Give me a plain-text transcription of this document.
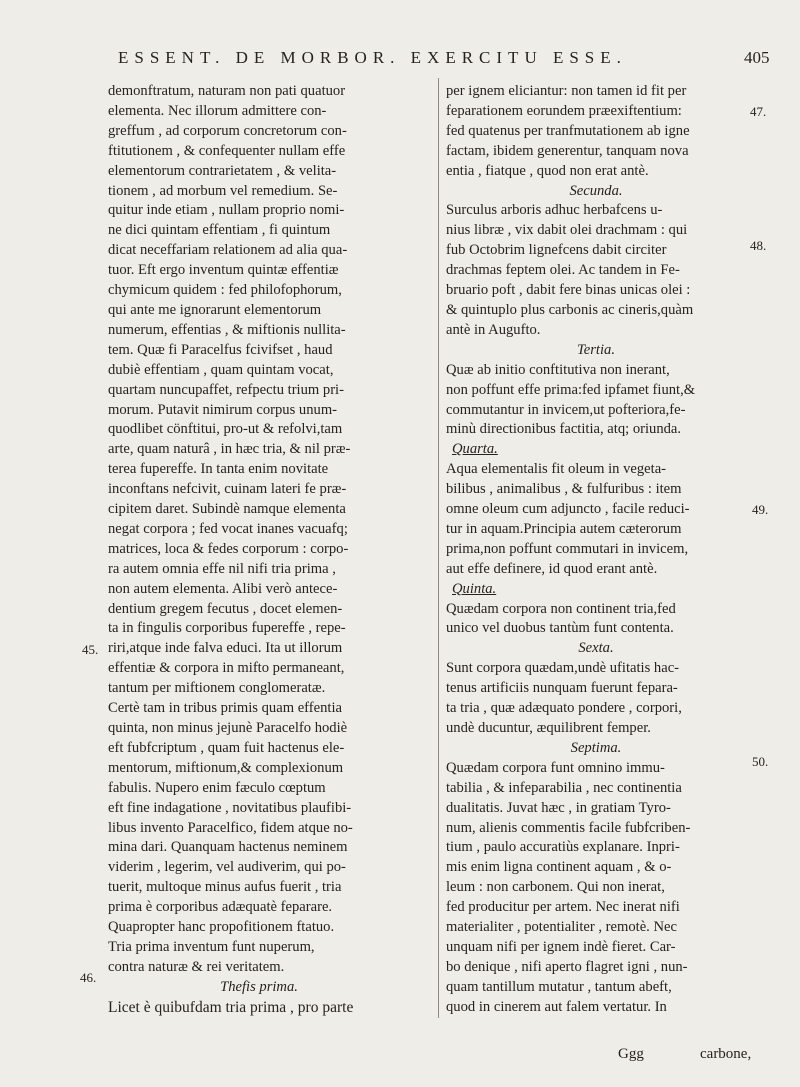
ESSENT. DE MORBOR. EXERCITU ESSE.	405
demonftratum, naturam non pati quatuor
elementa. Nec illorum admittere con-
greffum , ad corporum concretorum con-
ftitutionem , & confequenter nullam effe
elementorum contrarietatem , & velita-
tionem , ad morbum vel remedium. Se-
quitur inde etiam , nullam proprio nomi-
ne dici quintam effentiam , fi quintum
dicat neceffariam relationem ad alia qua-
tuor. Eft ergo inventum quintæ effentiæ
chymicum quidem : fed philofophorum,
qui ante me ignorarunt elementorum
numerum, effentias , & miftionis nullita-
tem. Quæ fi Paracelfus fcivifset , haud
dubiè effentiam , quam quintam vocat,
quartam nuncupaffet, refpectu trium pri-
morum. Putavit nimirum corpus unum-
quodlibet cönftitui, pro-ut & refolvi,tam
arte, quam naturâ , in hæc tria, & nil præ-
terea fupereffe. In tanta enim novitate
inconftans nefcivit, cuinam lateri fe præ-
cipitem daret. Subindè namque elementa
negat corpora ; fed vocat inanes vacuafq;
matrices, loca & fedes corporum : corpo-
ra autem omnia effe nil nifi tria prima ,
non autem elementa. Alibi verò antece-
dentium gregem fecutus , docet elemen-
ta in fingulis corporibus fupereffe , repe-
riri,atque inde falva educi. Ita ut illorum
effentiæ & corpora in mifto permaneant,
tantum per miftionem conglomeratæ.
Certè tam in tribus primis quam effentia
quinta, non minus jejunè Paracelfo hodiè
eft fubfcriptum , quam fuit hactenus ele-
mentorum, miftionum,& complexionum
fabulis. Nupero enim fæculo cœptum
eft fine indagatione , novitatibus plaufibi-
libus invento Paracelfico, fidem atque no-
mina dari. Quanquam hactenus neminem
viderim , legerim, vel audiverim, qui po-
tuerit, multoque minus aufus fuerit , tria
prima è corporibus adæquatè feparare.
Quapropter hanc propofitionem ftatuo.
Tria prima inventum funt nuperum,
contra naturæ & rei veritatem.
Thefis prima.
Licet è quibufdam tria prima , pro parte
per ignem eliciantur: non tamen id fit per
feparationem eorundem præexiftentium:
fed quatenus per tranfmutationem ab igne
factam, ibidem generentur, tanquam nova
entia , fiatque , quod non erat antè.
Secunda.
Surculus arboris adhuc herbafcens u-
nius libræ , vix dabit olei drachmam : qui
fub Octobrim lignefcens dabit circiter
drachmas feptem olei. Ac tandem in Fe-
bruario poft , dabit fere binas unicas olei :
& quintuplo plus carbonis ac cineris,quàm
antè in Augufto.
Tertia.
Quæ ab initio conftitutiva non inerant,
non poffunt effe prima:fed ipfamet fiunt,&
commutantur in invicem,ut pofteriora,fe-
minù directionibus factitia, atq; oriunda.
Quarta.
Aqua elementalis fit oleum in vegeta-
bilibus , animalibus , & fulfuribus : item
omne oleum cum adjuncto , facile reduci-
tur in aquam.Principia autem cæterorum
prima,non poffunt commutari in invicem,
aut effe definere, id quod erant antè.
Quinta.
Quædam corpora non continent tria,fed
unico vel duobus tantùm funt contenta.
Sexta.
Sunt corpora quædam,undè ufitatis hac-
tenus artificiis nunquam fuerunt fepara-
ta tria , quæ adæquato pondere , corpori,
undè ducuntur, æquilibrent femper.
Septima.
Quædam corpora funt omnino immu-
tabilia , & infeparabilia , nec continentia
dualitatis. Juvat hæc , in gratiam Tyro-
num, alienis commentis facile fubfcriben-
tium , paulo accuratiùs explanare. Inpri-
mis enim ligna continent aquam , & o-
leum : non carbonem. Qui non inerat,
fed producitur per artem. Nec inerat nifi
materialiter , potentialiter , remotè. Nec
unquam nifi per ignem indè fieret. Car-
bo denique , nifi aperto flagret igni , nun-
quam tantillum mutatur , tantum abeft,
quod in cinerem aut falem vertatur. In
45.
46.
47.
48.
49.
50.
Ggg	carbone,
